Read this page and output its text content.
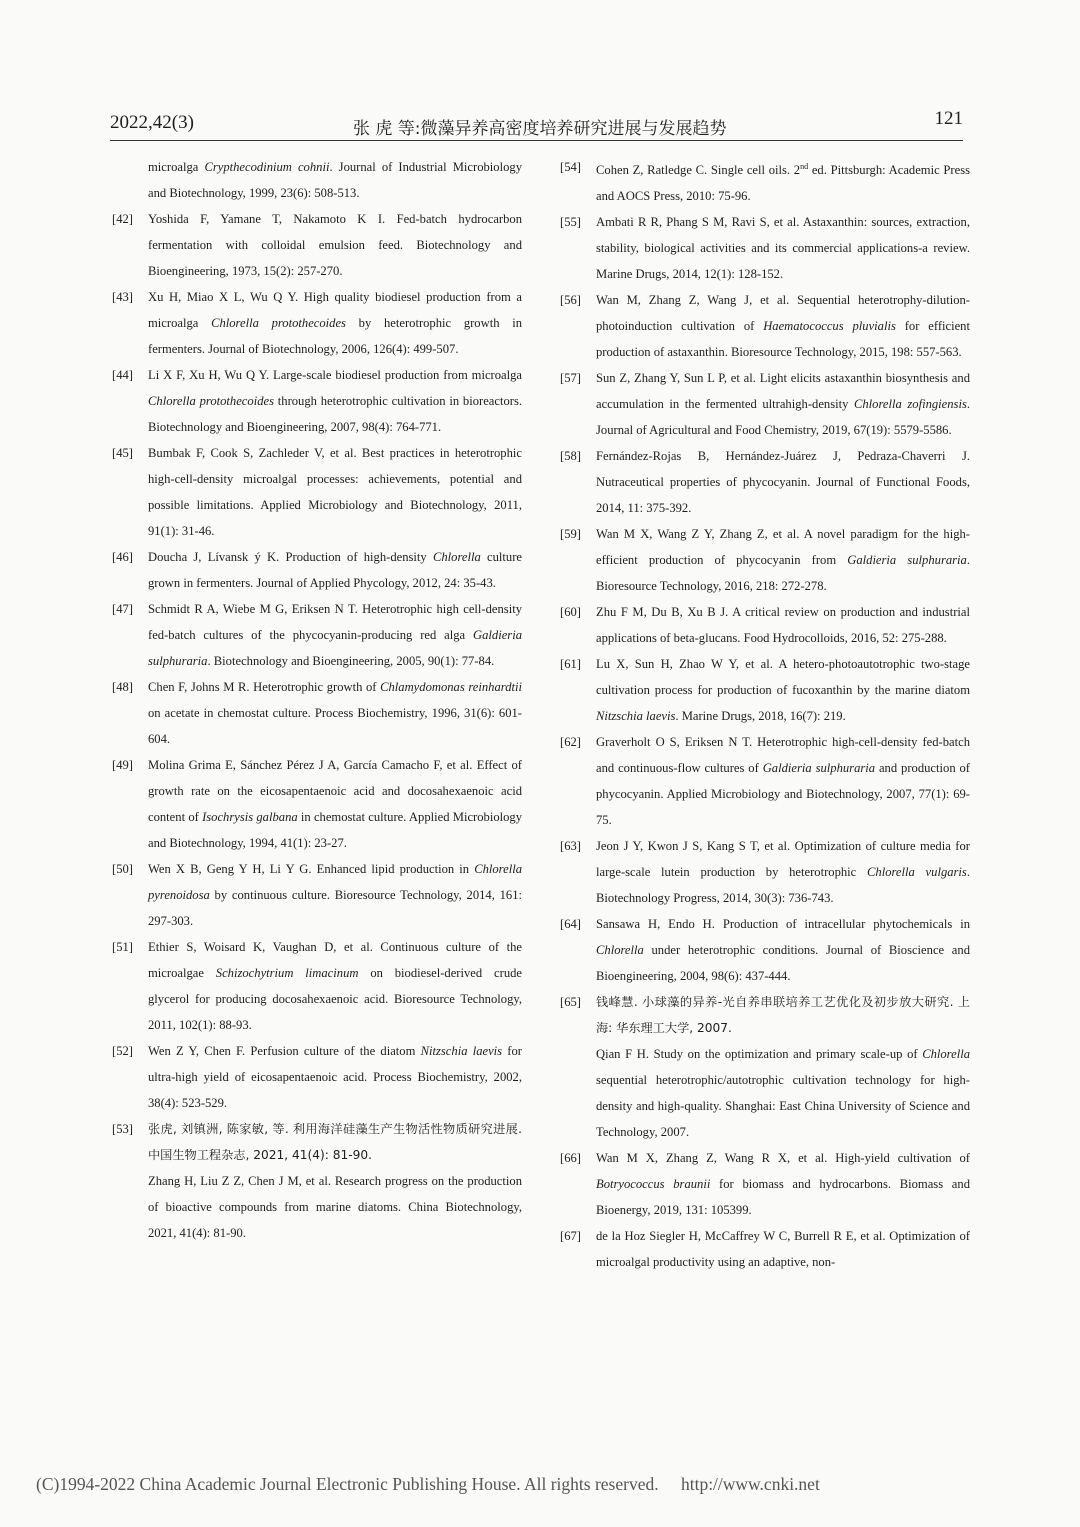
2022,42(3)	张 虎 等:微藻异养高密度培养研究进展与发展趋势	121
microalga Crypthecodinium cohnii. Journal of Industrial Microbiology and Biotechnology, 1999, 23(6): 508-513.
[42] Yoshida F, Yamane T, Nakamoto K I. Fed-batch hydrocarbon fermentation with colloidal emulsion feed. Biotechnology and Bioengineering, 1973, 15(2): 257-270.
[43] Xu H, Miao X L, Wu Q Y. High quality biodiesel production from a microalga Chlorella protothecoides by heterotrophic growth in fermenters. Journal of Biotechnology, 2006, 126(4): 499-507.
[44] Li X F, Xu H, Wu Q Y. Large-scale biodiesel production from microalga Chlorella protothecoides through heterotrophic cultivation in bioreactors. Biotechnology and Bioengineering, 2007, 98(4): 764-771.
[45] Bumbak F, Cook S, Zachleder V, et al. Best practices in heterotrophic high-cell-density microalgal processes: achievements, potential and possible limitations. Applied Microbiology and Biotechnology, 2011, 91(1): 31-46.
[46] Doucha J, Lívansk ý K. Production of high-density Chlorella culture grown in fermenters. Journal of Applied Phycology, 2012, 24: 35-43.
[47] Schmidt R A, Wiebe M G, Eriksen N T. Heterotrophic high cell-density fed-batch cultures of the phycocyanin-producing red alga Galdieria sulphuraria. Biotechnology and Bioengineering, 2005, 90(1): 77-84.
[48] Chen F, Johns M R. Heterotrophic growth of Chlamydomonas reinhardtii on acetate in chemostat culture. Process Biochemistry, 1996, 31(6): 601-604.
[49] Molina Grima E, Sánchez Pérez J A, García Camacho F, et al. Effect of growth rate on the eicosapentaenoic acid and docosahexaenoic acid content of Isochrysis galbana in chemostat culture. Applied Microbiology and Biotechnology, 1994, 41(1): 23-27.
[50] Wen X B, Geng Y H, Li Y G. Enhanced lipid production in Chlorella pyrenoidosa by continuous culture. Bioresource Technology, 2014, 161: 297-303.
[51] Ethier S, Woisard K, Vaughan D, et al. Continuous culture of the microalgae Schizochytrium limacinum on biodiesel-derived crude glycerol for producing docosahexaenoic acid. Bioresource Technology, 2011, 102(1): 88-93.
[52] Wen Z Y, Chen F. Perfusion culture of the diatom Nitzschia laevis for ultra-high yield of eicosapentaenoic acid. Process Biochemistry, 2002, 38(4): 523-529.
[53] 张虎, 刘镇洲, 陈家敏, 等. 利用海洋硅藻生产生物活性物质研究进展. 中国生物工程杂志, 2021, 41(4): 81-90.
Zhang H, Liu Z Z, Chen J M, et al. Research progress on the production of bioactive compounds from marine diatoms. China Biotechnology, 2021, 41(4): 81-90.
[54] Cohen Z, Ratledge C. Single cell oils. 2nd ed. Pittsburgh: Academic Press and AOCS Press, 2010: 75-96.
[55] Ambati R R, Phang S M, Ravi S, et al. Astaxanthin: sources, extraction, stability, biological activities and its commercial applications-a review. Marine Drugs, 2014, 12(1): 128-152.
[56] Wan M, Zhang Z, Wang J, et al. Sequential heterotrophy-dilution-photoinduction cultivation of Haematococcus pluvialis for efficient production of astaxanthin. Bioresource Technology, 2015, 198: 557-563.
[57] Sun Z, Zhang Y, Sun L P, et al. Light elicits astaxanthin biosynthesis and accumulation in the fermented ultrahigh-density Chlorella zofingiensis. Journal of Agricultural and Food Chemistry, 2019, 67(19): 5579-5586.
[58] Fernández-Rojas B, Hernández-Juárez J, Pedraza-Chaverri J. Nutraceutical properties of phycocyanin. Journal of Functional Foods, 2014, 11: 375-392.
[59] Wan M X, Wang Z Y, Zhang Z, et al. A novel paradigm for the high-efficient production of phycocyanin from Galdieria sulphuraria. Bioresource Technology, 2016, 218: 272-278.
[60] Zhu F M, Du B, Xu B J. A critical review on production and industrial applications of beta-glucans. Food Hydrocolloids, 2016, 52: 275-288.
[61] Lu X, Sun H, Zhao W Y, et al. A hetero-photoautotrophic two-stage cultivation process for production of fucoxanthin by the marine diatom Nitzschia laevis. Marine Drugs, 2018, 16(7): 219.
[62] Graverholt O S, Eriksen N T. Heterotrophic high-cell-density fed-batch and continuous-flow cultures of Galdieria sulphuraria and production of phycocyanin. Applied Microbiology and Biotechnology, 2007, 77(1): 69-75.
[63] Jeon J Y, Kwon J S, Kang S T, et al. Optimization of culture media for large-scale lutein production by heterotrophic Chlorella vulgaris. Biotechnology Progress, 2014, 30(3): 736-743.
[64] Sansawa H, Endo H. Production of intracellular phytochemicals in Chlorella under heterotrophic conditions. Journal of Bioscience and Bioengineering, 2004, 98(6): 437-444.
[65] 钱峰慧. 小球藻的异养-光自养串联培养工艺优化及初步放大研究. 上海: 华东理工大学, 2007.
Qian F H. Study on the optimization and primary scale-up of Chlorella sequential heterotrophic/autotrophic cultivation technology for high-density and high-quality. Shanghai: East China University of Science and Technology, 2007.
[66] Wan M X, Zhang Z, Wang R X, et al. High-yield cultivation of Botryococcus braunii for biomass and hydrocarbons. Biomass and Bioenergy, 2019, 131: 105399.
[67] de la Hoz Siegler H, McCaffrey W C, Burrell R E, et al. Optimization of microalgal productivity using an adaptive, non-
(C)1994-2022 China Academic Journal Electronic Publishing House. All rights reserved. http://www.cnki.net
